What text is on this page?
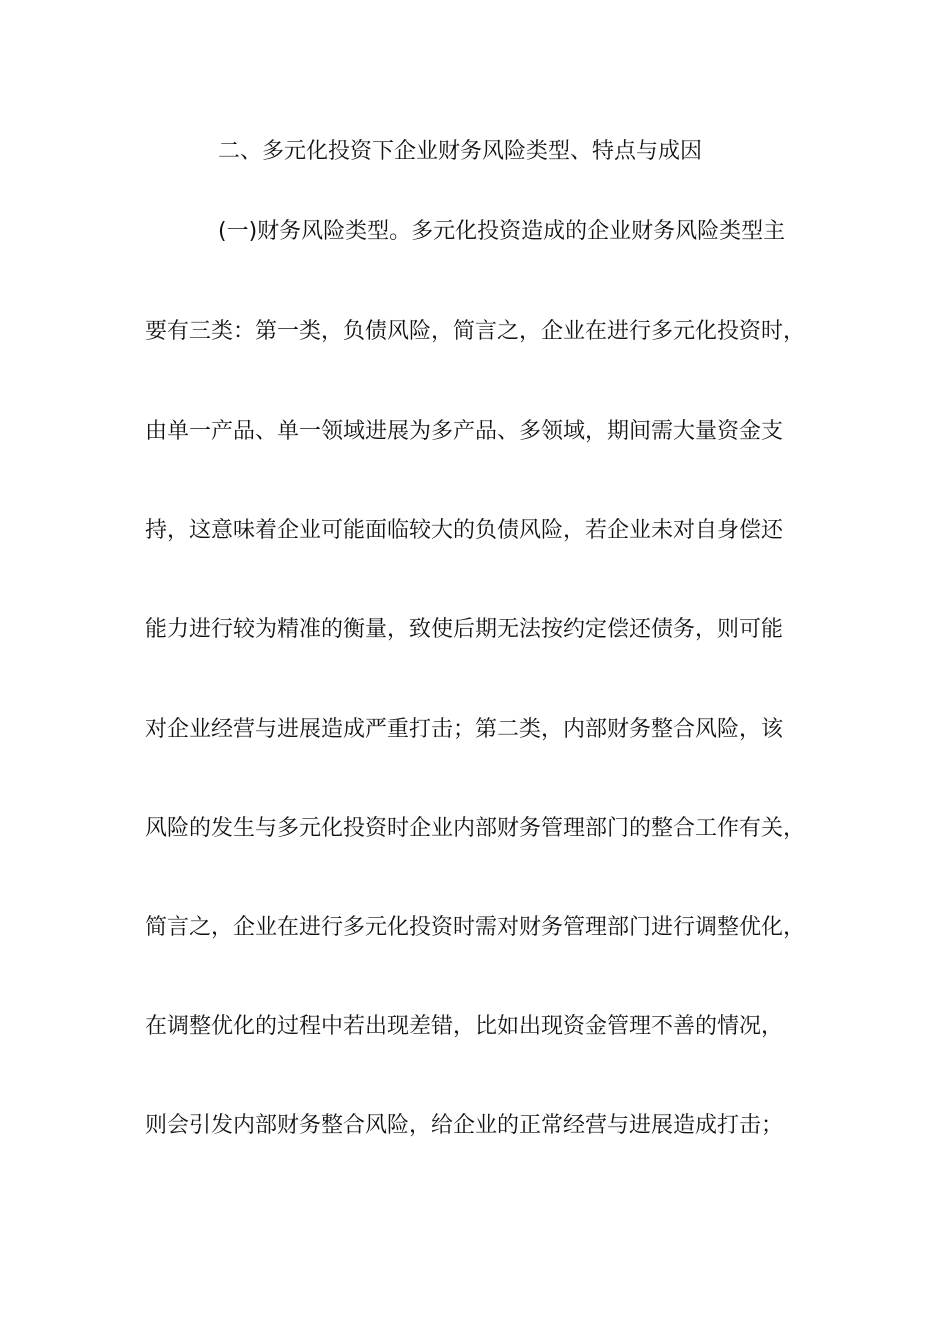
二、多元化投资下企业财务风险类型、特点与成因
(一)财务风险类型。多元化投资造成的企业财务风险类型主
要有三类：第一类，负债风险，简言之，企业在进行多元化投资时，
由单一产品、单一领域进展为多产品、多领域，期间需大量资金支
持，这意味着企业可能面临较大的负债风险，若企业未对自身偿还
能力进行较为精准的衡量，致使后期无法按约定偿还债务，则可能
对企业经营与进展造成严重打击；第二类，内部财务整合风险，该
风险的发生与多元化投资时企业内部财务管理部门的整合工作有关，
简言之，企业在进行多元化投资时需对财务管理部门进行调整优化，
在调整优化的过程中若出现差错，比如出现资金管理不善的情况，
则会引发内部财务整合风险，给企业的正常经营与进展造成打击；
